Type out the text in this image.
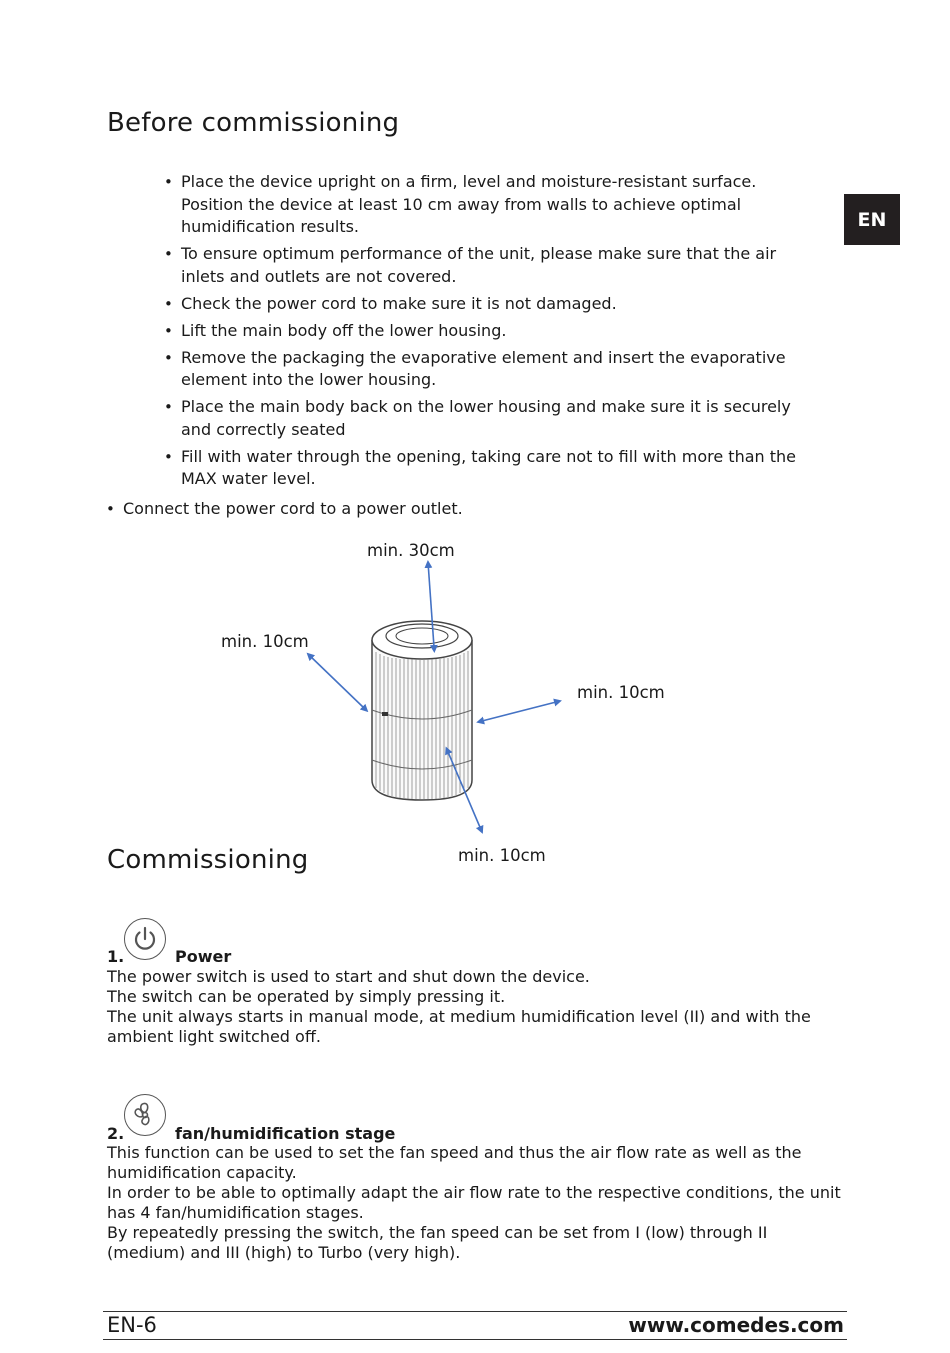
Before commissioning
EN
• Place the device upright on a firm, level and moisture-resistant surface. Position the device at least 10 cm away from walls to achieve optimal humidification results.
• To ensure optimum performance of the unit, please make sure that the air inlets and outlets are not covered.
• Check the power cord to make sure it is not damaged.
• Lift the main body off the lower housing.
• Remove the packaging the evaporative element and insert the evaporative element into the lower housing.
• Place the main body back on the lower housing and make sure it is securely and correctly seated
• Fill with water through the opening, taking care not to fill with more than the MAX water level.
• Connect the power cord to a power outlet.
min. 30cm
min. 10cm
min. 10cm
min. 10cm
Commissioning
1.	Power

The power switch is used to start and shut down the device.

The switch can be operated by simply pressing it.

The unit always starts in manual mode, at medium humidification level (II) and with the ambient light switched off.

2.	fan/humidification stage

This function can be used to set the fan speed and thus the air flow rate as well as the humidification capacity.

In order to be able to optimally adapt the air flow rate to the respective conditions, the unit has 4 fan/humidification stages.

By repeatedly pressing the switch, the fan speed can be set from I (low) through II (medium) and III (high) to Turbo (very high).

EN-6	www.comedes.com
